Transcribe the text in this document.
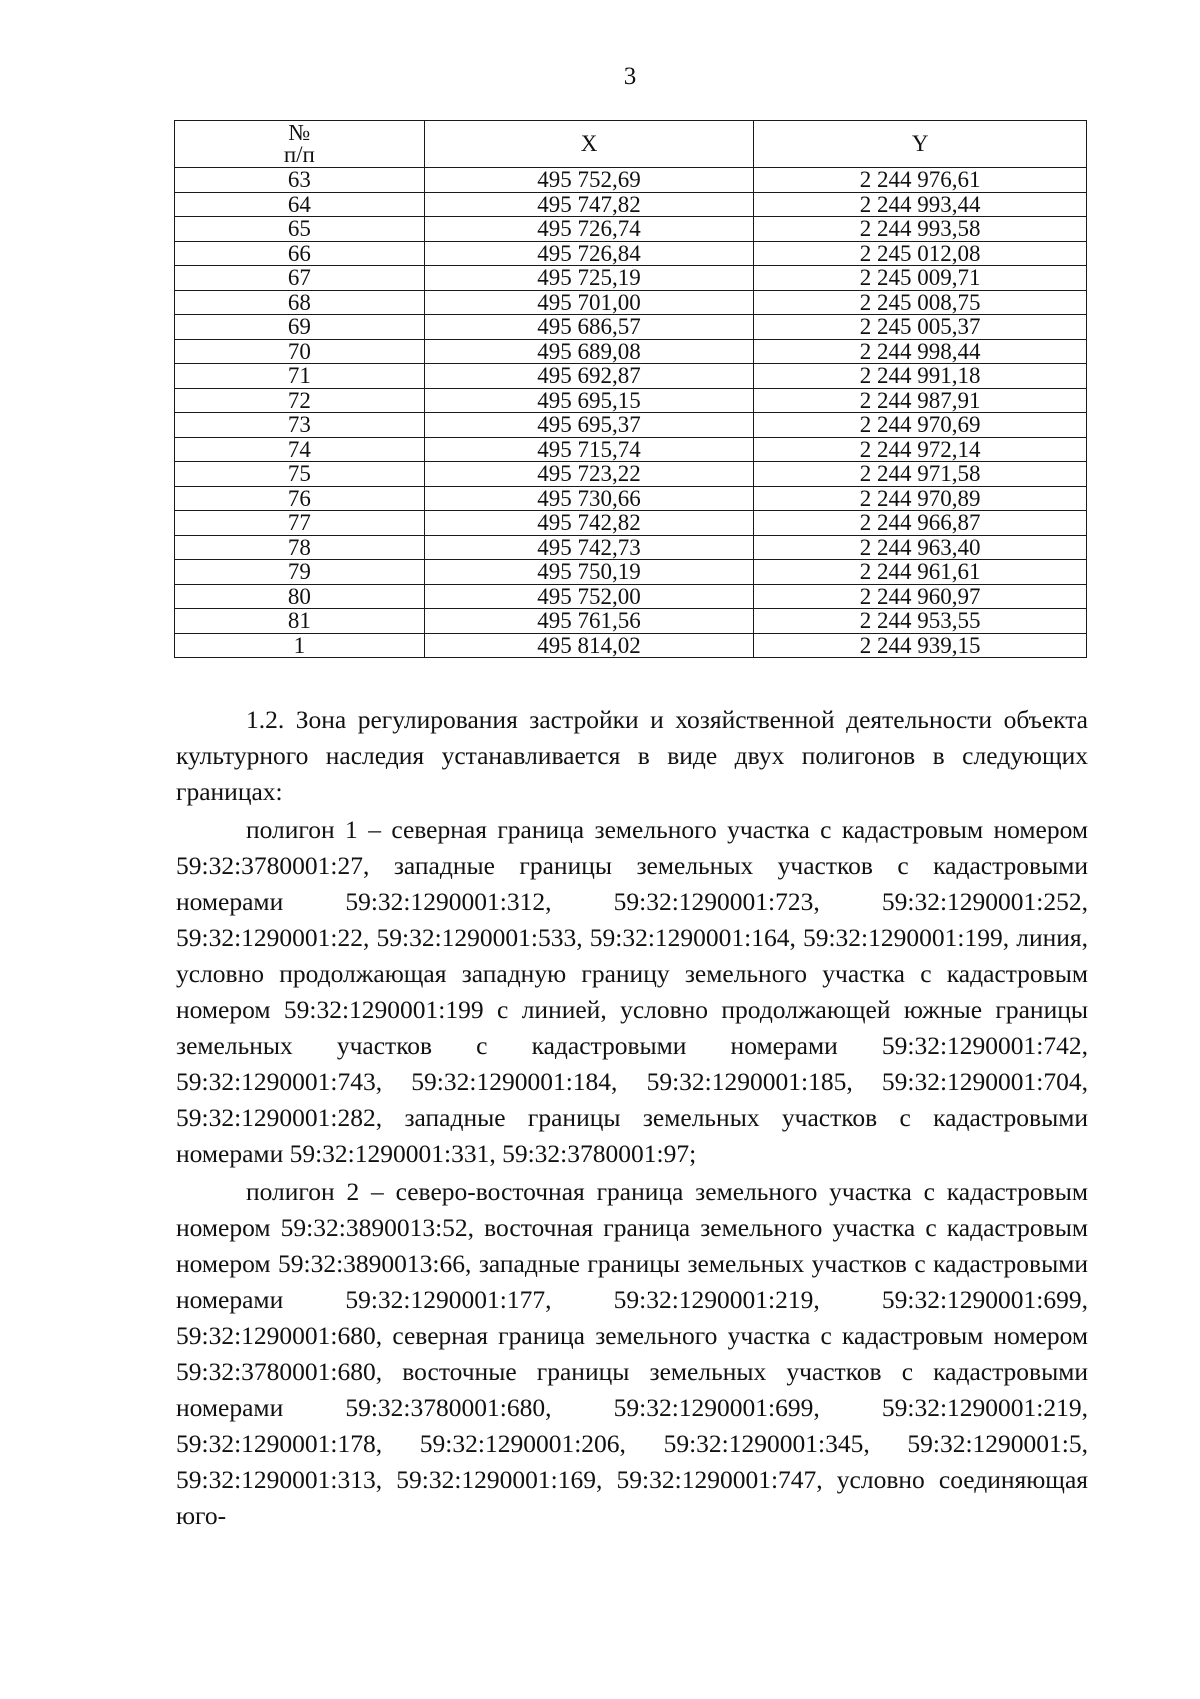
3
№
п/п	X	Y
63	495 752,69	2 244 976,61
64	495 747,82	2 244 993,44
65	495 726,74	2 244 993,58
66	495 726,84	2 245 012,08
67	495 725,19	2 245 009,71
68	495 701,00	2 245 008,75
69	495 686,57	2 245 005,37
70	495 689,08	2 244 998,44
71	495 692,87	2 244 991,18
72	495 695,15	2 244 987,91
73	495 695,37	2 244 970,69
74	495 715,74	2 244 972,14
75	495 723,22	2 244 971,58
76	495 730,66	2 244 970,89
77	495 742,82	2 244 966,87
78	495 742,73	2 244 963,40
79	495 750,19	2 244 961,61
80	495 752,00	2 244 960,97
81	495 761,56	2 244 953,55
1	495 814,02	2 244 939,15

1.2. Зона регулирования застройки и хозяйственной деятельности объекта культурного наследия устанавливается в виде двух полигонов в следующих границах:

полигон 1 – северная граница земельного участка с кадастровым номером 59:32:3780001:27, западные границы земельных участков с кадастровыми номерами 59:32:1290001:312, 59:32:1290001:723, 59:32:1290001:252, 59:32:1290001:22, 59:32:1290001:533, 59:32:1290001:164, 59:32:1290001:199, линия, условно продолжающая западную границу земельного участка с кадастровым номером 59:32:1290001:199 с линией, условно продолжающей южные границы земельных участков с кадастровыми номерами 59:32:1290001:742, 59:32:1290001:743, 59:32:1290001:184, 59:32:1290001:185, 59:32:1290001:704, 59:32:1290001:282, западные границы земельных участков с кадастровыми номерами 59:32:1290001:331, 59:32:3780001:97;

полигон 2 – северо-восточная граница земельного участка с кадастровым номером 59:32:3890013:52, восточная граница земельного участка с кадастровым номером 59:32:3890013:66, западные границы земельных участков с кадастровыми номерами 59:32:1290001:177, 59:32:1290001:219, 59:32:1290001:699, 59:32:1290001:680, северная граница земельного участка с кадастровым номером 59:32:3780001:680, восточные границы земельных участков с кадастровыми номерами 59:32:3780001:680, 59:32:1290001:699, 59:32:1290001:219, 59:32:1290001:178, 59:32:1290001:206, 59:32:1290001:345, 59:32:1290001:5, 59:32:1290001:313, 59:32:1290001:169, 59:32:1290001:747, условно соединяющая юго-
